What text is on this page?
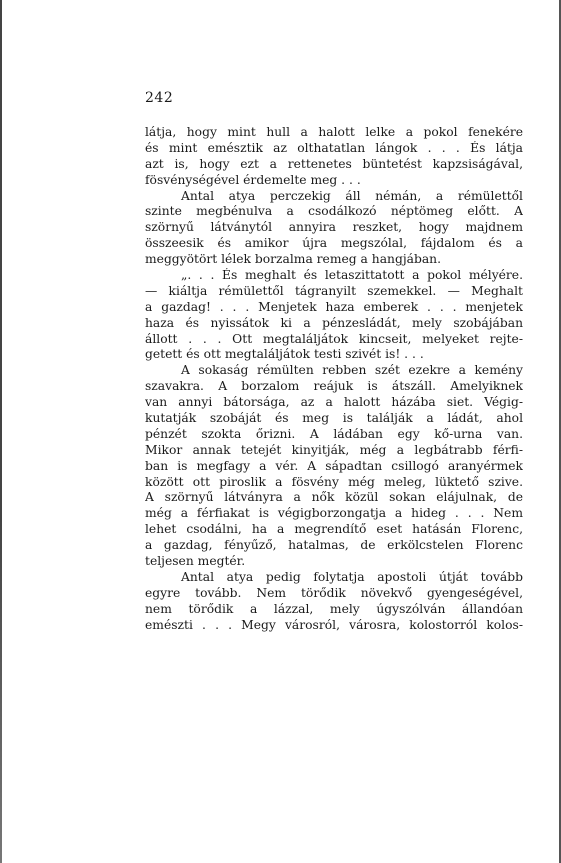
242
látja, hogy mint hull a halott lelke a pokol fenekére
és mint emésztik az olthatatlan lángok . . . És látja
azt is, hogy ezt a rettenetes büntetést kapzsiságával,
fösvénységével érdemelte meg . . .
Antal atya perczekig áll némán, a rémülettől
szinte megbénulva a csodálkozó néptömeg előtt. A
szörnyű látványtól annyira reszket, hogy majdnem
összeesik és amikor újra megszólal, fájdalom és a
meggyötört lélek borzalma remeg a hangjában.
„. . . És meghalt és letaszittatott a pokol mélyére.
— kiáltja rémülettől tágranyilt szemekkel. — Meghalt
a gazdag! . . . Menjetek haza emberek . . . menjetek
haza és nyissátok ki a pénzesládát, mely szobájában
állott . . . Ott megtaláljátok kincseit, melyeket rejte-
getett és ott megtaláljátok testi szivét is! . . .
A sokaság rémülten rebben szét ezekre a kemény
szavakra. A borzalom reájuk is átszáll. Amelyiknek
van annyi bátorsága, az a halott házába siet. Végig-
kutatják szobáját és meg is találják a ládát, ahol
pénzét szokta őrizni. A ládában egy kő-urna van.
Mikor annak tetejét kinyitják, még a legbátrabb férfi-
ban is megfagy a vér. A sápadtan csillogó aranyérmek
között ott piroslik a fösvény még meleg, lüktető szive.
A szörnyű látványra a nők közül sokan elájulnak, de
még a férfiakat is végigborzongatja a hideg . . . Nem
lehet csodálni, ha a megrendítő eset hatásán Florenc,
a gazdag, fényűző, hatalmas, de erkölcstelen Florenc
teljesen megtér.
Antal atya pedig folytatja apostoli útját tovább
egyre tovább. Nem törődik növekvő gyengeségével,
nem törődik a lázzal, mely úgyszólván állandóan
emészti . . . Megy városról, városra, kolostorról kolos-
